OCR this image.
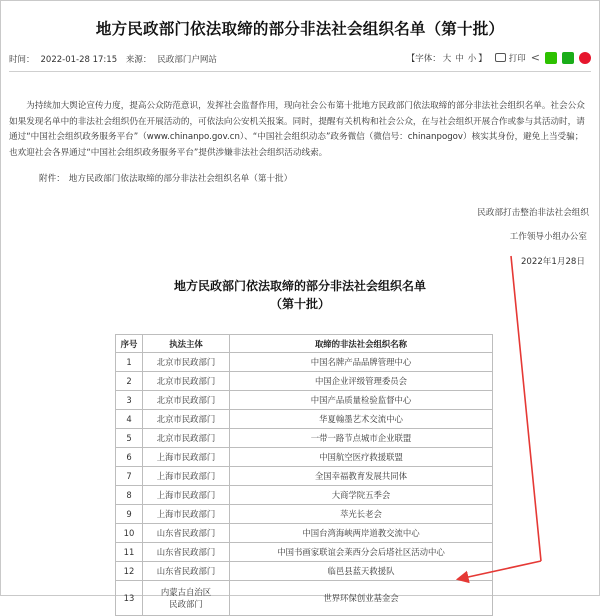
地方民政部门依法取缔的部分非法社会组织名单（第十批）
时间： 2022-01-28 17:15 来源： 民政部门户网站	【字体： 大 中 小 】	打印 <
为持续加大舆论宣传力度，提高公众防范意识，发挥社会监督作用，现向社会公布第十批地方民政部门依法取缔的部分非法社会组织名单。社会公众如果发现名单中的非法社会组织仍在开展活动的，可依法向公安机关报案。同时，提醒有关机构和社会公众，在与社会组织开展合作或参与其活动时，请通过“中国社会组织政务服务平台”（www.chinanpo.gov.cn）、“中国社会组织动态”政务微信（微信号：chinanpogov）核实其身份，避免上当受骗；也欢迎社会各界通过“中国社会组织政务服务平台”提供涉嫌非法社会组织活动线索。
附件： 地方民政部门依法取缔的部分非法社会组织名单（第十批）
民政部打击整治非法社会组织
工作领导小组办公室
2022年1月28日
地方民政部门依法取缔的部分非法社会组织名单
（第十批）
序号	执法主体	取缔的非法社会组织名称
1	北京市民政部门	中国名牌产品品牌管理中心
2	北京市民政部门	中国企业评级管理委员会
3	北京市民政部门	中国产品质量检验监督中心
4	北京市民政部门	华夏翰墨艺术交流中心
5	北京市民政部门	一带一路节点城市企业联盟
6	上海市民政部门	中国航空医疗救援联盟
7	上海市民政部门	全国幸福教育发展共同体
8	上海市民政部门	大商学院五季会
9	上海市民政部门	萃光长老会
10	山东省民政部门	中国台湾海峡两岸道教交流中心
11	山东省民政部门	中国书画家联谊会莱西分会后塔社区活动中心
12	山东省民政部门	临邑县蓝天救援队
13	内蒙古自治区
民政部门	世界环保创业基金会
